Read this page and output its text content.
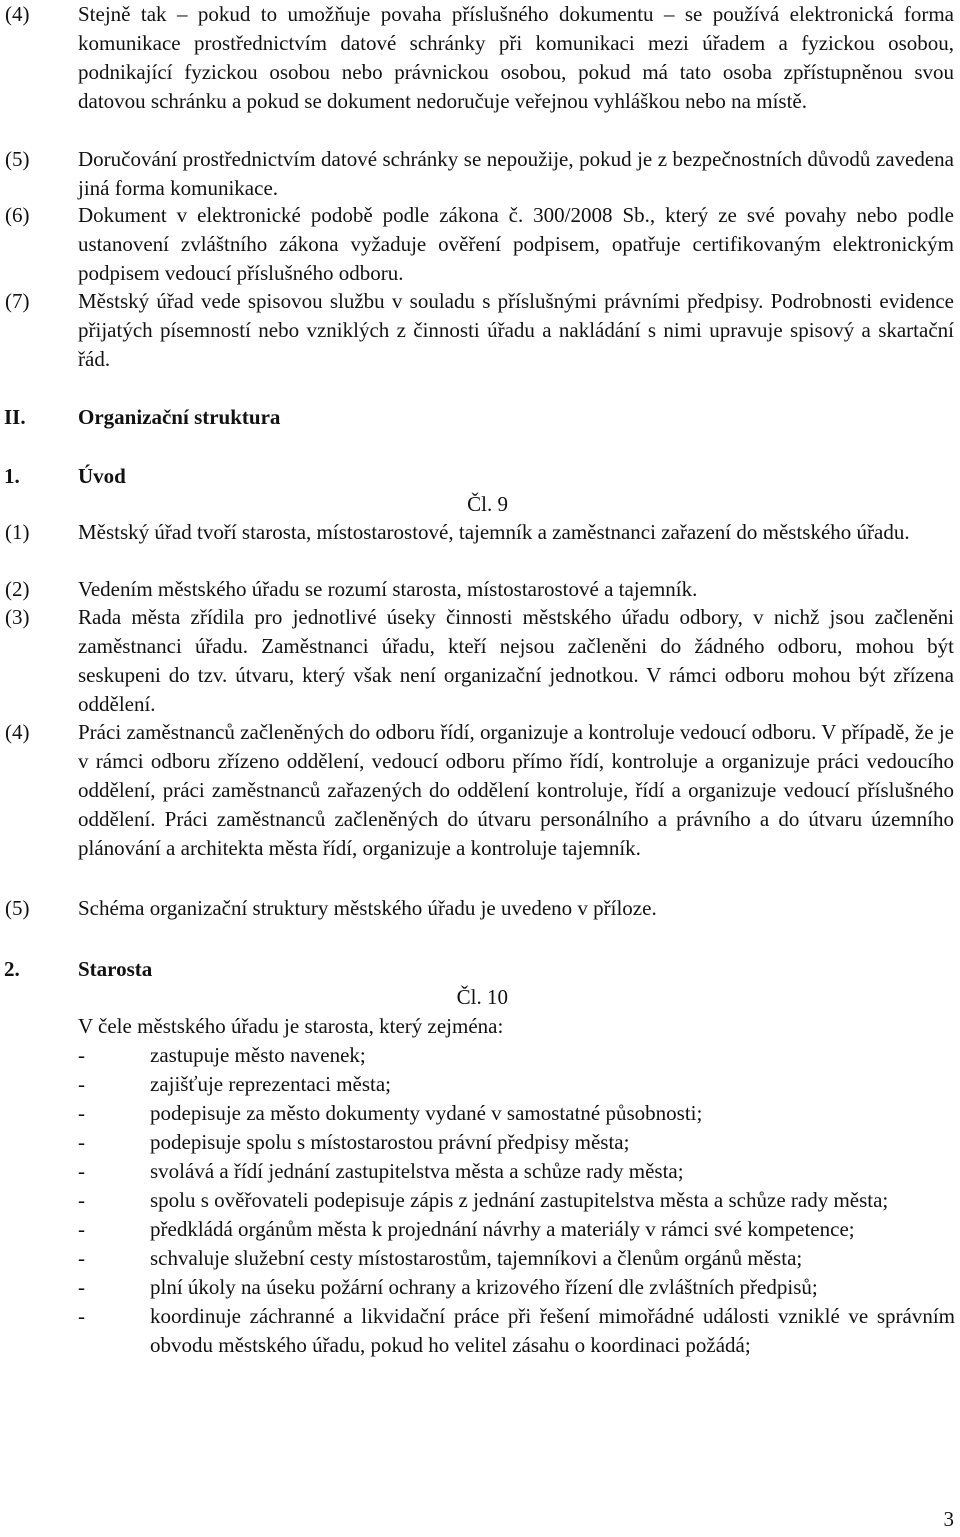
(4)	Stejně tak – pokud to umožňuje povaha příslušného dokumentu – se používá elektronická forma komunikace prostřednictvím datové schránky při komunikaci mezi úřadem a fyzickou osobou, podnikající fyzickou osobou nebo právnickou osobou, pokud má tato osoba zpřístupněnou svou datovou schránku a pokud se dokument nedoručuje veřejnou vyhláškou nebo na místě.
(5)	Doručování prostřednictvím datové schránky se nepoužije, pokud je z bezpečnostních důvodů zavedena jiná forma komunikace.
(6)	Dokument v elektronické podobě podle zákona č. 300/2008 Sb., který ze své povahy nebo podle ustanovení zvláštního zákona vyžaduje ověření podpisem, opatřuje certifikovaným elektronickým podpisem vedoucí příslušného odboru.
(7)	Městský úřad vede spisovou službu v souladu s příslušnými právními předpisy. Podrobnosti evidence přijatých písemností nebo vzniklých z činnosti úřadu a nakládání s nimi upravuje spisový a skartační řád.
II.	Organizační struktura
1.	Úvod
Čl. 9
(1)	Městský úřad tvoří starosta, místostarostové, tajemník a zaměstnanci zařazení do městského úřadu.
(2)	Vedením městského úřadu se rozumí starosta, místostarostové a tajemník.
(3)	Rada města zřídila pro jednotlivé úseky činnosti městského úřadu odbory, v nichž jsou začleněni zaměstnanci úřadu. Zaměstnanci úřadu, kteří nejsou začleněni do žádného odboru, mohou být seskupeni do tzv. útvaru, který však není organizační jednotkou. V rámci odboru mohou být zřízena oddělení.
(4)	Práci zaměstnanců začleněných do odboru řídí, organizuje a kontroluje vedoucí odboru. V případě, že je v rámci odboru zřízeno oddělení, vedoucí odboru přímo řídí, kontroluje a organizuje práci vedoucího oddělení, práci zaměstnanců zařazených do oddělení kontroluje, řídí a organizuje vedoucí příslušného oddělení. Práci zaměstnanců začleněných do útvaru personálního a právního a do útvaru územního plánování a architekta města řídí, organizuje a kontroluje tajemník.
(5)	Schéma organizační struktury městského úřadu je uvedeno v příloze.
2.	Starosta
Čl. 10
V čele městského úřadu je starosta, který zejména:
-	zastupuje město navenek;
-	zajišťuje reprezentaci města;
-	podepisuje za město dokumenty vydané v samostatné působnosti;
-	podepisuje spolu s místostarostou právní předpisy města;
-	svolává a řídí jednání zastupitelstva města a schůze rady města;
-	spolu s ověřovateli podepisuje zápis z jednání zastupitelstva města a schůze rady města;
-	předkládá orgánům města k projednání návrhy a materiály v rámci své kompetence;
-	schvaluje služební cesty místostarostům, tajemníkovi a členům orgánů města;
-	plní úkoly na úseku požární ochrany a krizového řízení dle zvláštních předpisů;
-	koordinuje záchranné a likvidační práce při řešení mimořádné události vzniklé ve správním obvodu městského úřadu, pokud ho velitel zásahu o koordinaci požádá;
3
